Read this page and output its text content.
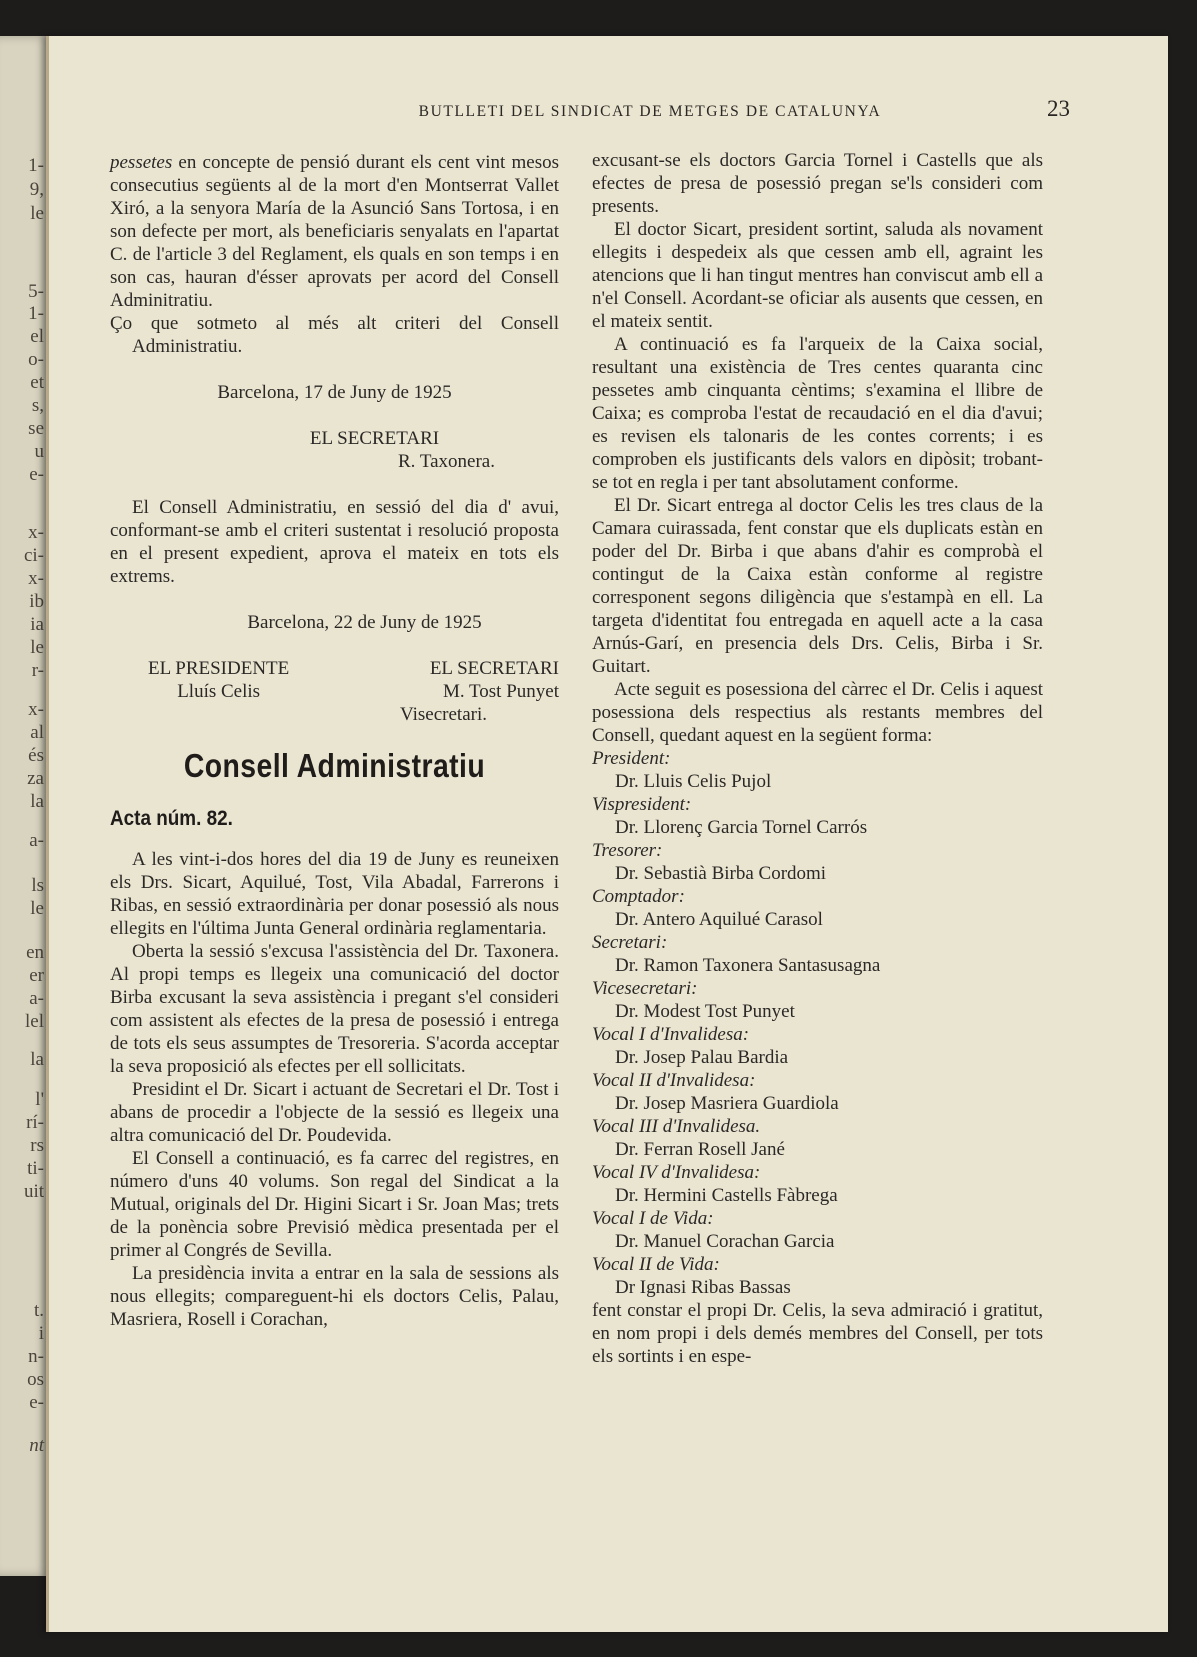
1-
9,
le
5-
1-
el
o-
et
s,
se
u
e-
x-
ci-
x-
ib
ia
le
r-
x-
al
és
za
la
a-
ls
le
en
er
a-
lel
la
l'
rí-
rs
ti-
uit
t.
i
n-
os
e-
nt
BUTLLETI DEL SINDICAT DE METGES DE CATALUNYA	23

pessetes en concepte de pensió durant els cent vint mesos consecutius següents al de la mort d'en Montserrat Vallet Xiró, a la senyora María de la Asunció Sans Tortosa, i en son defecte per mort, als beneficiaris senyalats en l'apartat C. de l'article 3 del Reglament, els quals en son temps i en son cas, hauran d'ésser aprovats per acord del Consell Adminitratiu.

Ço que sotmeto al més alt criteri del Consell Administratiu.

Barcelona, 17 de Juny de 1925

EL SECRETARI

R. Taxonera.

El Consell Administratiu, en sessió del dia d' avui, conformant-se amb el criteri sustentat i resolució proposta en el present expedient, aprova el mateix en tots els extrems.

Barcelona, 22 de Juny de 1925

EL PRESIDENTE
Lluís Celis
EL SECRETARI
M. Tost Punyet
Visecretari.
Consell Administratiu
Acta núm. 82.

A les vint-i-dos hores del dia 19 de Juny es reuneixen els Drs. Sicart, Aquilué, Tost, Vila Abadal, Farrerons i Ribas, en sessió extraordinària per donar posessió als nous ellegits en l'última Junta General ordinària reglamentaria.

Oberta la sessió s'excusa l'assistència del Dr. Taxonera. Al propi temps es llegeix una comunicació del doctor Birba excusant la seva assistència i pregant s'el consideri com assistent als efectes de la presa de posessió i entrega de tots els seus assumptes de Tresoreria. S'acorda acceptar la seva proposició als efectes per ell sollicitats.

Presidint el Dr. Sicart i actuant de Secretari el Dr. Tost i abans de procedir a l'objecte de la sessió es llegeix una altra comunicació del Dr. Poudevida.

El Consell a continuació, es fa carrec del registres, en número d'uns 40 volums. Son regal del Sindicat a la Mutual, originals del Dr. Higini Sicart i Sr. Joan Mas; trets de la ponència sobre Previsió mèdica presentada per el primer al Congrés de Sevilla.

La presidència invita a entrar en la sala de sessions als nous ellegits; compareguent-hi els doctors Celis, Palau, Masriera, Rosell i Corachan,

excusant-se els doctors Garcia Tornel i Castells que als efectes de presa de posessió pregan se'ls consideri com presents.

El doctor Sicart, president sortint, saluda als novament ellegits i despedeix als que cessen amb ell, agraint les atencions que li han tingut mentres han conviscut amb ell a n'el Consell. Acordant-se oficiar als ausents que cessen, en el mateix sentit.

A continuació es fa l'arqueix de la Caixa social, resultant una existència de Tres centes quaranta cinc pessetes amb cinquanta cèntims; s'examina el llibre de Caixa; es comproba l'estat de recaudació en el dia d'avui; es revisen els talonaris de les contes corrents; i es comproben els justificants dels valors en dipòsit; trobant-se tot en regla i per tant absolutament conforme.

El Dr. Sicart entrega al doctor Celis les tres claus de la Camara cuirassada, fent constar que els duplicats estàn en poder del Dr. Birba i que abans d'ahir es comprobà el contingut de la Caixa estàn conforme al registre corresponent segons diligència que s'estampà en ell. La targeta d'identitat fou entregada en aquell acte a la casa Arnús-Garí, en presencia dels Drs. Celis, Birba i Sr. Guitart.

Acte seguit es posessiona del càrrec el Dr. Celis i aquest posessiona dels respectius als restants membres del Consell, quedant aquest en la següent forma:

President:
Dr. Lluis Celis Pujol
Vispresident:
Dr. Llorenç Garcia Tornel Carrós
Tresorer:
Dr. Sebastià Birba Cordomi
Comptador:
Dr. Antero Aquilué Carasol
Secretari:
Dr. Ramon Taxonera Santasusagna
Vicesecretari:
Dr. Modest Tost Punyet
Vocal I d'Invalidesa:
Dr. Josep Palau Bardia
Vocal II d'Invalidesa:
Dr. Josep Masriera Guardiola
Vocal III d'Invalidesa.
Dr. Ferran Rosell Jané
Vocal IV d'Invalidesa:
Dr. Hermini Castells Fàbrega
Vocal I de Vida:
Dr. Manuel Corachan Garcia
Vocal II de Vida:
Dr Ignasi Ribas Bassas

fent constar el propi Dr. Celis, la seva admiració i gratitut, en nom propi i dels demés membres del Consell, per tots els sortints i en espe-
